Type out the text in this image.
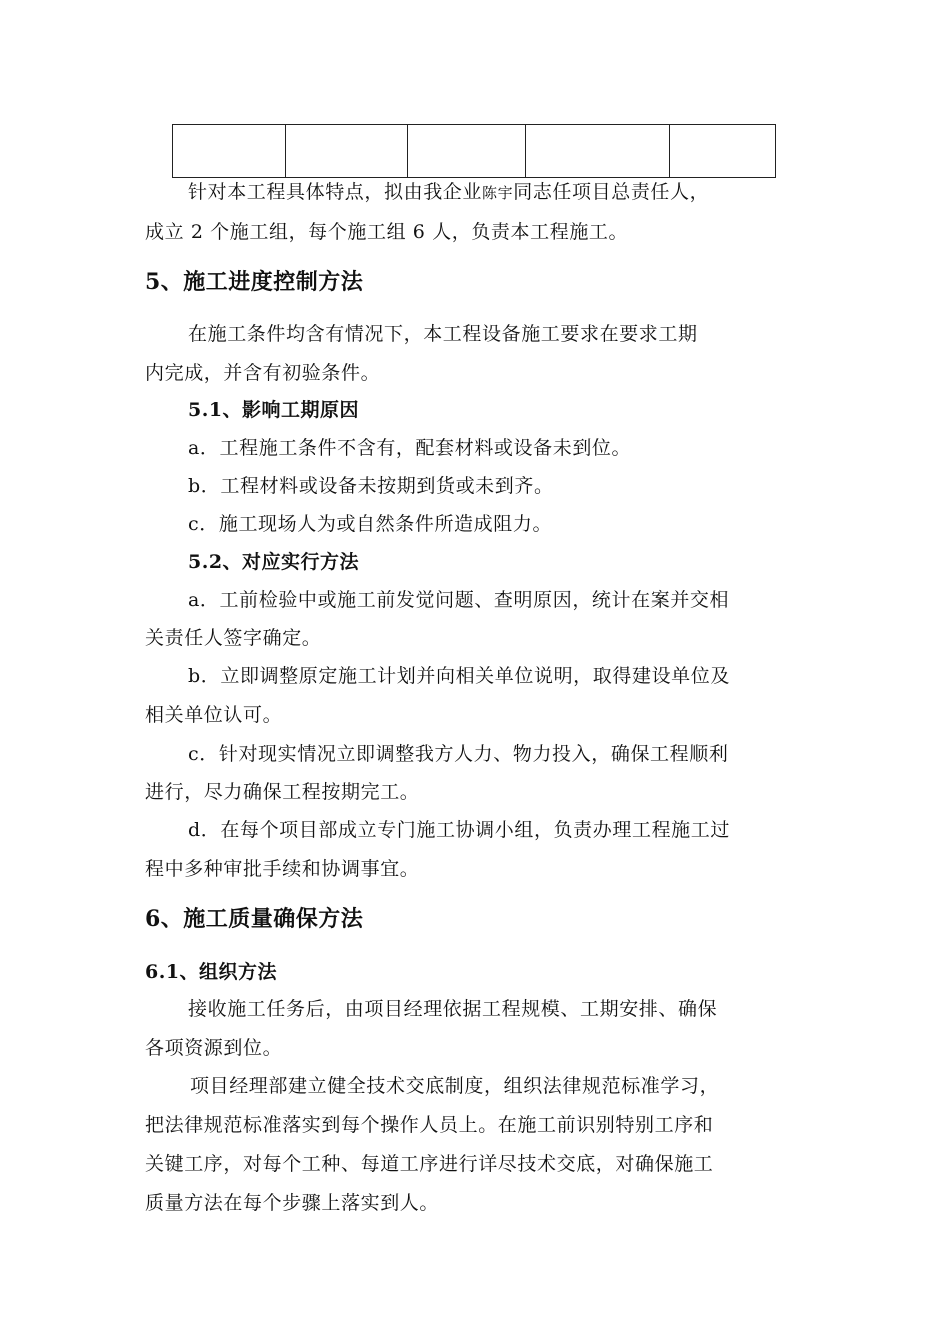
针对本工程具体特点，拟由我企业陈宇同志任项目总责任人，
成立 2 个施工组，每个施工组 6 人，负责本工程施工。
5、施工进度控制方法
在施工条件均含有情况下，本工程设备施工要求在要求工期
内完成，并含有初验条件。
5.1、影响工期原因
a．工程施工条件不含有，配套材料或设备未到位。
b．工程材料或设备未按期到货或未到齐。
c．施工现场人为或自然条件所造成阻力。
5.2、对应实行方法
a．工前检验中或施工前发觉问题、查明原因，统计在案并交相
关责任人签字确定。
b．立即调整原定施工计划并向相关单位说明，取得建设单位及
相关单位认可。
c．针对现实情况立即调整我方人力、物力投入，确保工程顺利
进行，尽力确保工程按期完工。
d．在每个项目部成立专门施工协调小组，负责办理工程施工过
程中多种审批手续和协调事宜。
6、施工质量确保方法
6.1、组织方法
接收施工任务后，由项目经理依据工程规模、工期安排、确保
各项资源到位。
项目经理部建立健全技术交底制度，组织法律规范标准学习，
把法律规范标准落实到每个操作人员上。在施工前识别特别工序和
关键工序，对每个工种、每道工序进行详尽技术交底，对确保施工
质量方法在每个步骤上落实到人。
